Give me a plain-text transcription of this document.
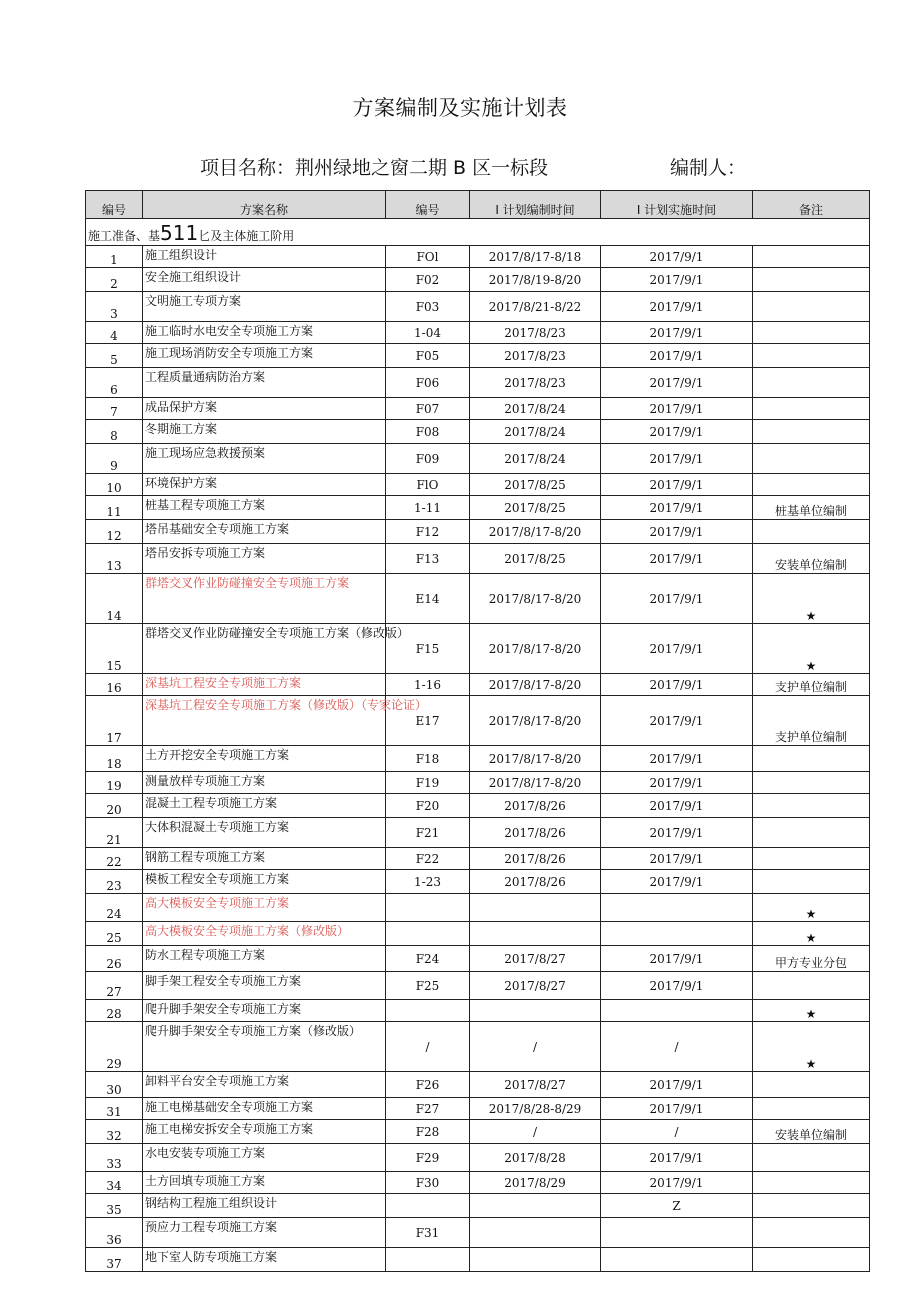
方案编制及实施计划表
项目名称：荆州绿地之窗二期 B 区一标段	编制人：
编号	方案名称	编号	I 计划编制时间	I 计划实施时间	备注
施工准备、基511匕及主体施工阶用					
1	施工组织设计	FOl	2017/8/17-8/18	2017/9/1	
2	安全施工组织设计	F02	2017/8/19-8/20	2017/9/1	
3	文明施工专项方案	F03	2017/8/21-8/22	2017/9/1	
4	施工临时水电安全专项施工方案	1-04	2017/8/23	2017/9/1	
5	施工现场消防安全专项施工方案	F05	2017/8/23	2017/9/1	
6	工程质量通病防治方案	F06	2017/8/23	2017/9/1	
7	成品保护方案	F07	2017/8/24	2017/9/1	
8	冬期施工方案	F08	2017/8/24	2017/9/1	
9	施工现场应急救援预案	F09	2017/8/24	2017/9/1	
10	环境保护方案	FlO	2017/8/25	2017/9/1	
11	桩基工程专项施工方案	1-11	2017/8/25	2017/9/1	桩基单位编制
12	塔吊基础安全专项施工方案	F12	2017/8/17-8/20	2017/9/1	
13	塔吊安拆专项施工方案	F13	2017/8/25	2017/9/1	安装单位编制
14	群塔交叉作业防碰撞安全专项施工方案	E14	2017/8/17-8/20	2017/9/1	★
15	群塔交叉作业防碰撞安全专项施工方案（修改版）	F15	2017/8/17-8/20	2017/9/1	★
16	深基坑工程安全专项施工方案	1-16	2017/8/17-8/20	2017/9/1	支护单位编制
17	深基坑工程安全专项施工方案（修改版）（专家论证）	E17	2017/8/17-8/20	2017/9/1	支护单位编制
18	土方开挖安全专项施工方案	F18	2017/8/17-8/20	2017/9/1	
19	测量放样专项施工方案	F19	2017/8/17-8/20	2017/9/1	
20	混凝土工程专项施工方案	F20	2017/8/26	2017/9/1	
21	大体积混凝土专项施工方案	F21	2017/8/26	2017/9/1	
22	钢筋工程专项施工方案	F22	2017/8/26	2017/9/1	
23	模板工程安全专项施工方案	1-23	2017/8/26	2017/9/1	
24	高大模板安全专项施工方案				★
25	高大模板安全专项施工方案（修改版）				★
26	防水工程专项施工方案	F24	2017/8/27	2017/9/1	甲方专业分包
27	脚手架工程安全专项施工方案	F25	2017/8/27	2017/9/1	
28	爬升脚手架安全专项施工方案				★
29	爬升脚手架安全专项施工方案（修改版）	/	/	/	★
30	卸料平台安全专项施工方案	F26	2017/8/27	2017/9/1	
31	施工电梯基础安全专项施工方案	F27	2017/8/28-8/29	2017/9/1	
32	施工电梯安拆安全专项施工方案	F28	/	/	安装单位编制
33	水电安装专项施工方案	F29	2017/8/28	2017/9/1	
34	土方回填专项施工方案	F30	2017/8/29	2017/9/1	
35	钢结构工程施工组织设计			Z	
36	预应力工程专项施工方案	F31			
37	地下室人防专项施工方案				
